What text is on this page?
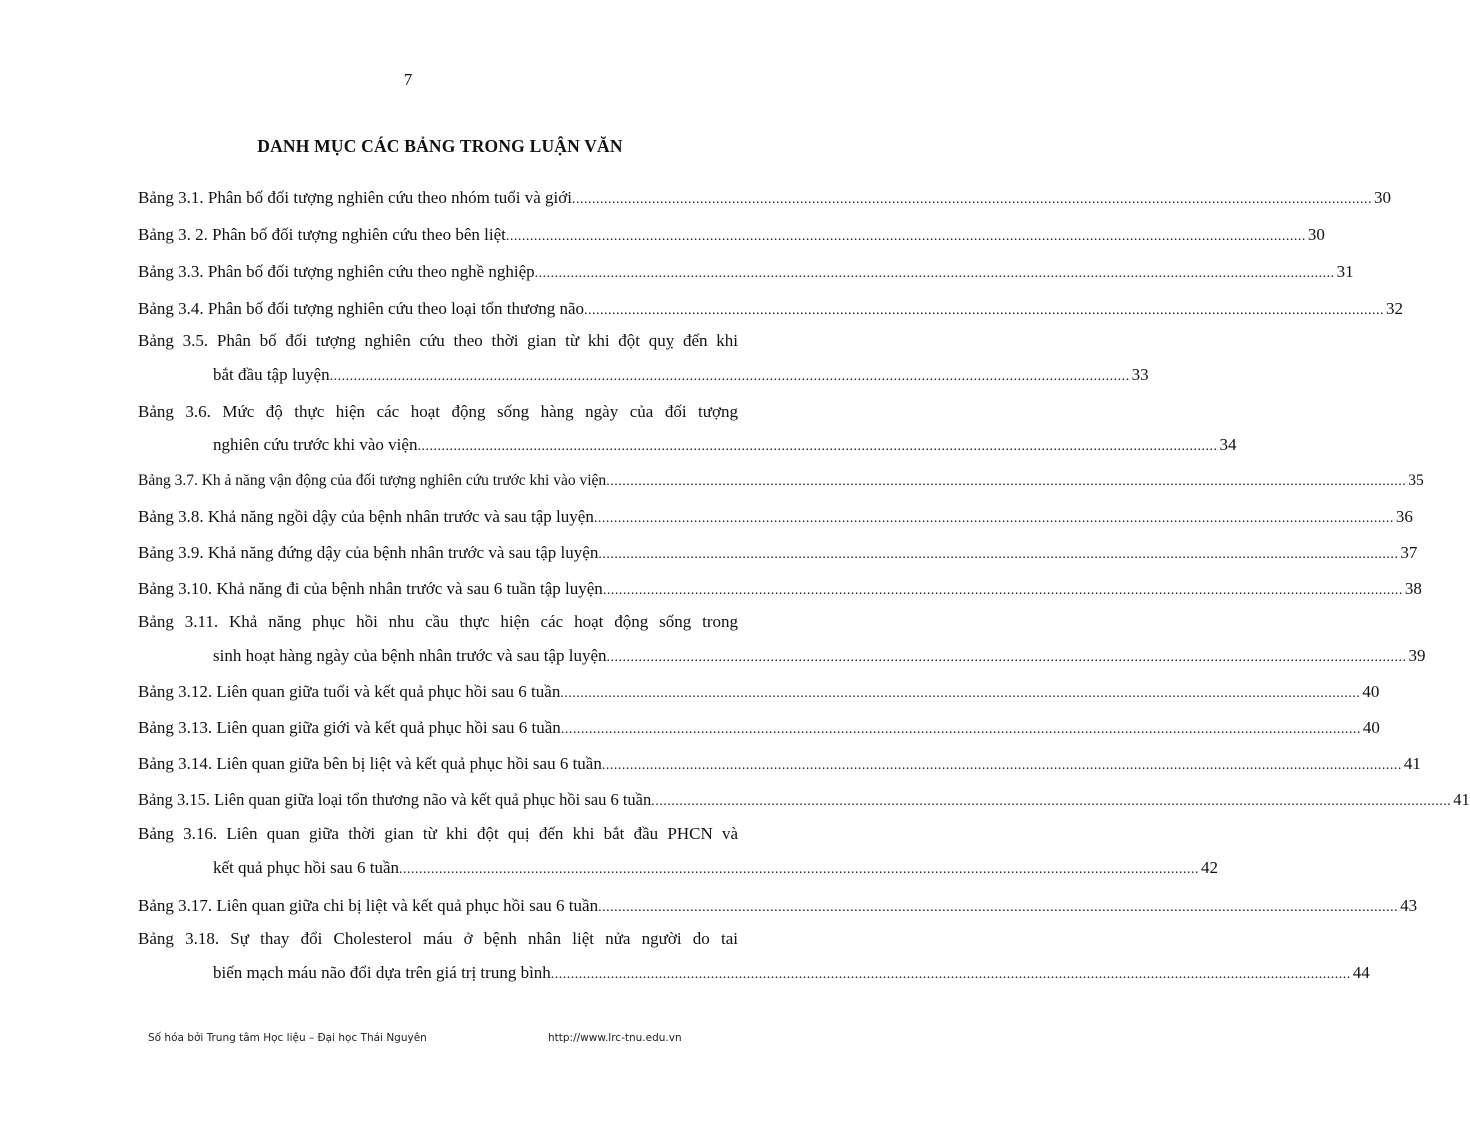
7
DANH MỤC CÁC BẢNG TRONG LUẬN VĂN
Bảng 3.1. Phân bố đối tượng nghiên cứu theo nhóm tuổi và giới ........................................................................................................................................................................................................ 30
Bảng 3. 2. Phân bố đối tượng nghiên cứu theo bên liệt ........................................................................................................................................................................................................ 30
Bảng 3.3. Phân bố đối tượng nghiên cứu theo nghề nghiệp ........................................................................................................................................................................................................ 31
Bảng 3.4. Phân bố đối tượng nghiên cứu theo loại tổn thương não ........................................................................................................................................................................................................ 32
Bảng 3.5. Phân bố đối tượng nghiên cứu theo thời gian từ khi đột quỵ đến khi
bắt đầu tập luyện ........................................................................................................................................................................................................ 33
Bảng 3.6. Mức độ thực hiện các hoạt động sống hàng ngày của đối tượng
nghiên cứu trước khi vào viện ........................................................................................................................................................................................................ 34
Bảng 3.7. Kh ả năng vận động của đối tượng nghiên cứu trước khi vào viện ........................................................................................................................................................................................................ 35
Bảng 3.8. Khả năng ngồi dậy của bệnh nhân trước và sau tập luyện ........................................................................................................................................................................................................ 36
Bảng 3.9. Khả năng đứng dậy của bệnh nhân trước và sau tập luyện ........................................................................................................................................................................................................ 37
Bảng 3.10. Khả năng đi của bệnh nhân trước và sau 6 tuần tập luyện ........................................................................................................................................................................................................ 38
Bảng 3.11. Khả năng phục hồi nhu cầu thực hiện các hoạt động sống trong
sinh hoạt hàng ngày của bệnh nhân trước và sau tập luyện ........................................................................................................................................................................................................ 39
Bảng 3.12. Liên quan giữa tuổi và kết quả phục hồi sau 6 tuần ........................................................................................................................................................................................................ 40
Bảng 3.13. Liên quan giữa giới và kết quả phục hồi sau 6 tuần ........................................................................................................................................................................................................ 40
Bảng 3.14. Liên quan giữa bên bị liệt và kết quả phục hồi sau 6 tuần ........................................................................................................................................................................................................ 41
Bảng 3.15. Liên quan giữa loại tổn thương não và kết quả phục hồi sau 6 tuần ........................................................................................................................................................................................................ 41
Bảng 3.16. Liên quan giữa thời gian từ khi đột quị đến khi bắt đầu PHCN và
kết quả phục hồi sau 6 tuần ........................................................................................................................................................................................................ 42
Bảng 3.17. Liên quan giữa chi bị liệt và kết quả phục hồi sau 6 tuần ........................................................................................................................................................................................................ 43
Bảng 3.18. Sự thay đổi Cholesterol máu ở bệnh nhân liệt nửa người do tai
biến mạch máu não đổi dựa trên giá trị trung bình ........................................................................................................................................................................................................ 44
Số hóa bởi Trung tâm Học liệu – Đại học Thái Nguyên	http://www.lrc-tnu.edu.vn
